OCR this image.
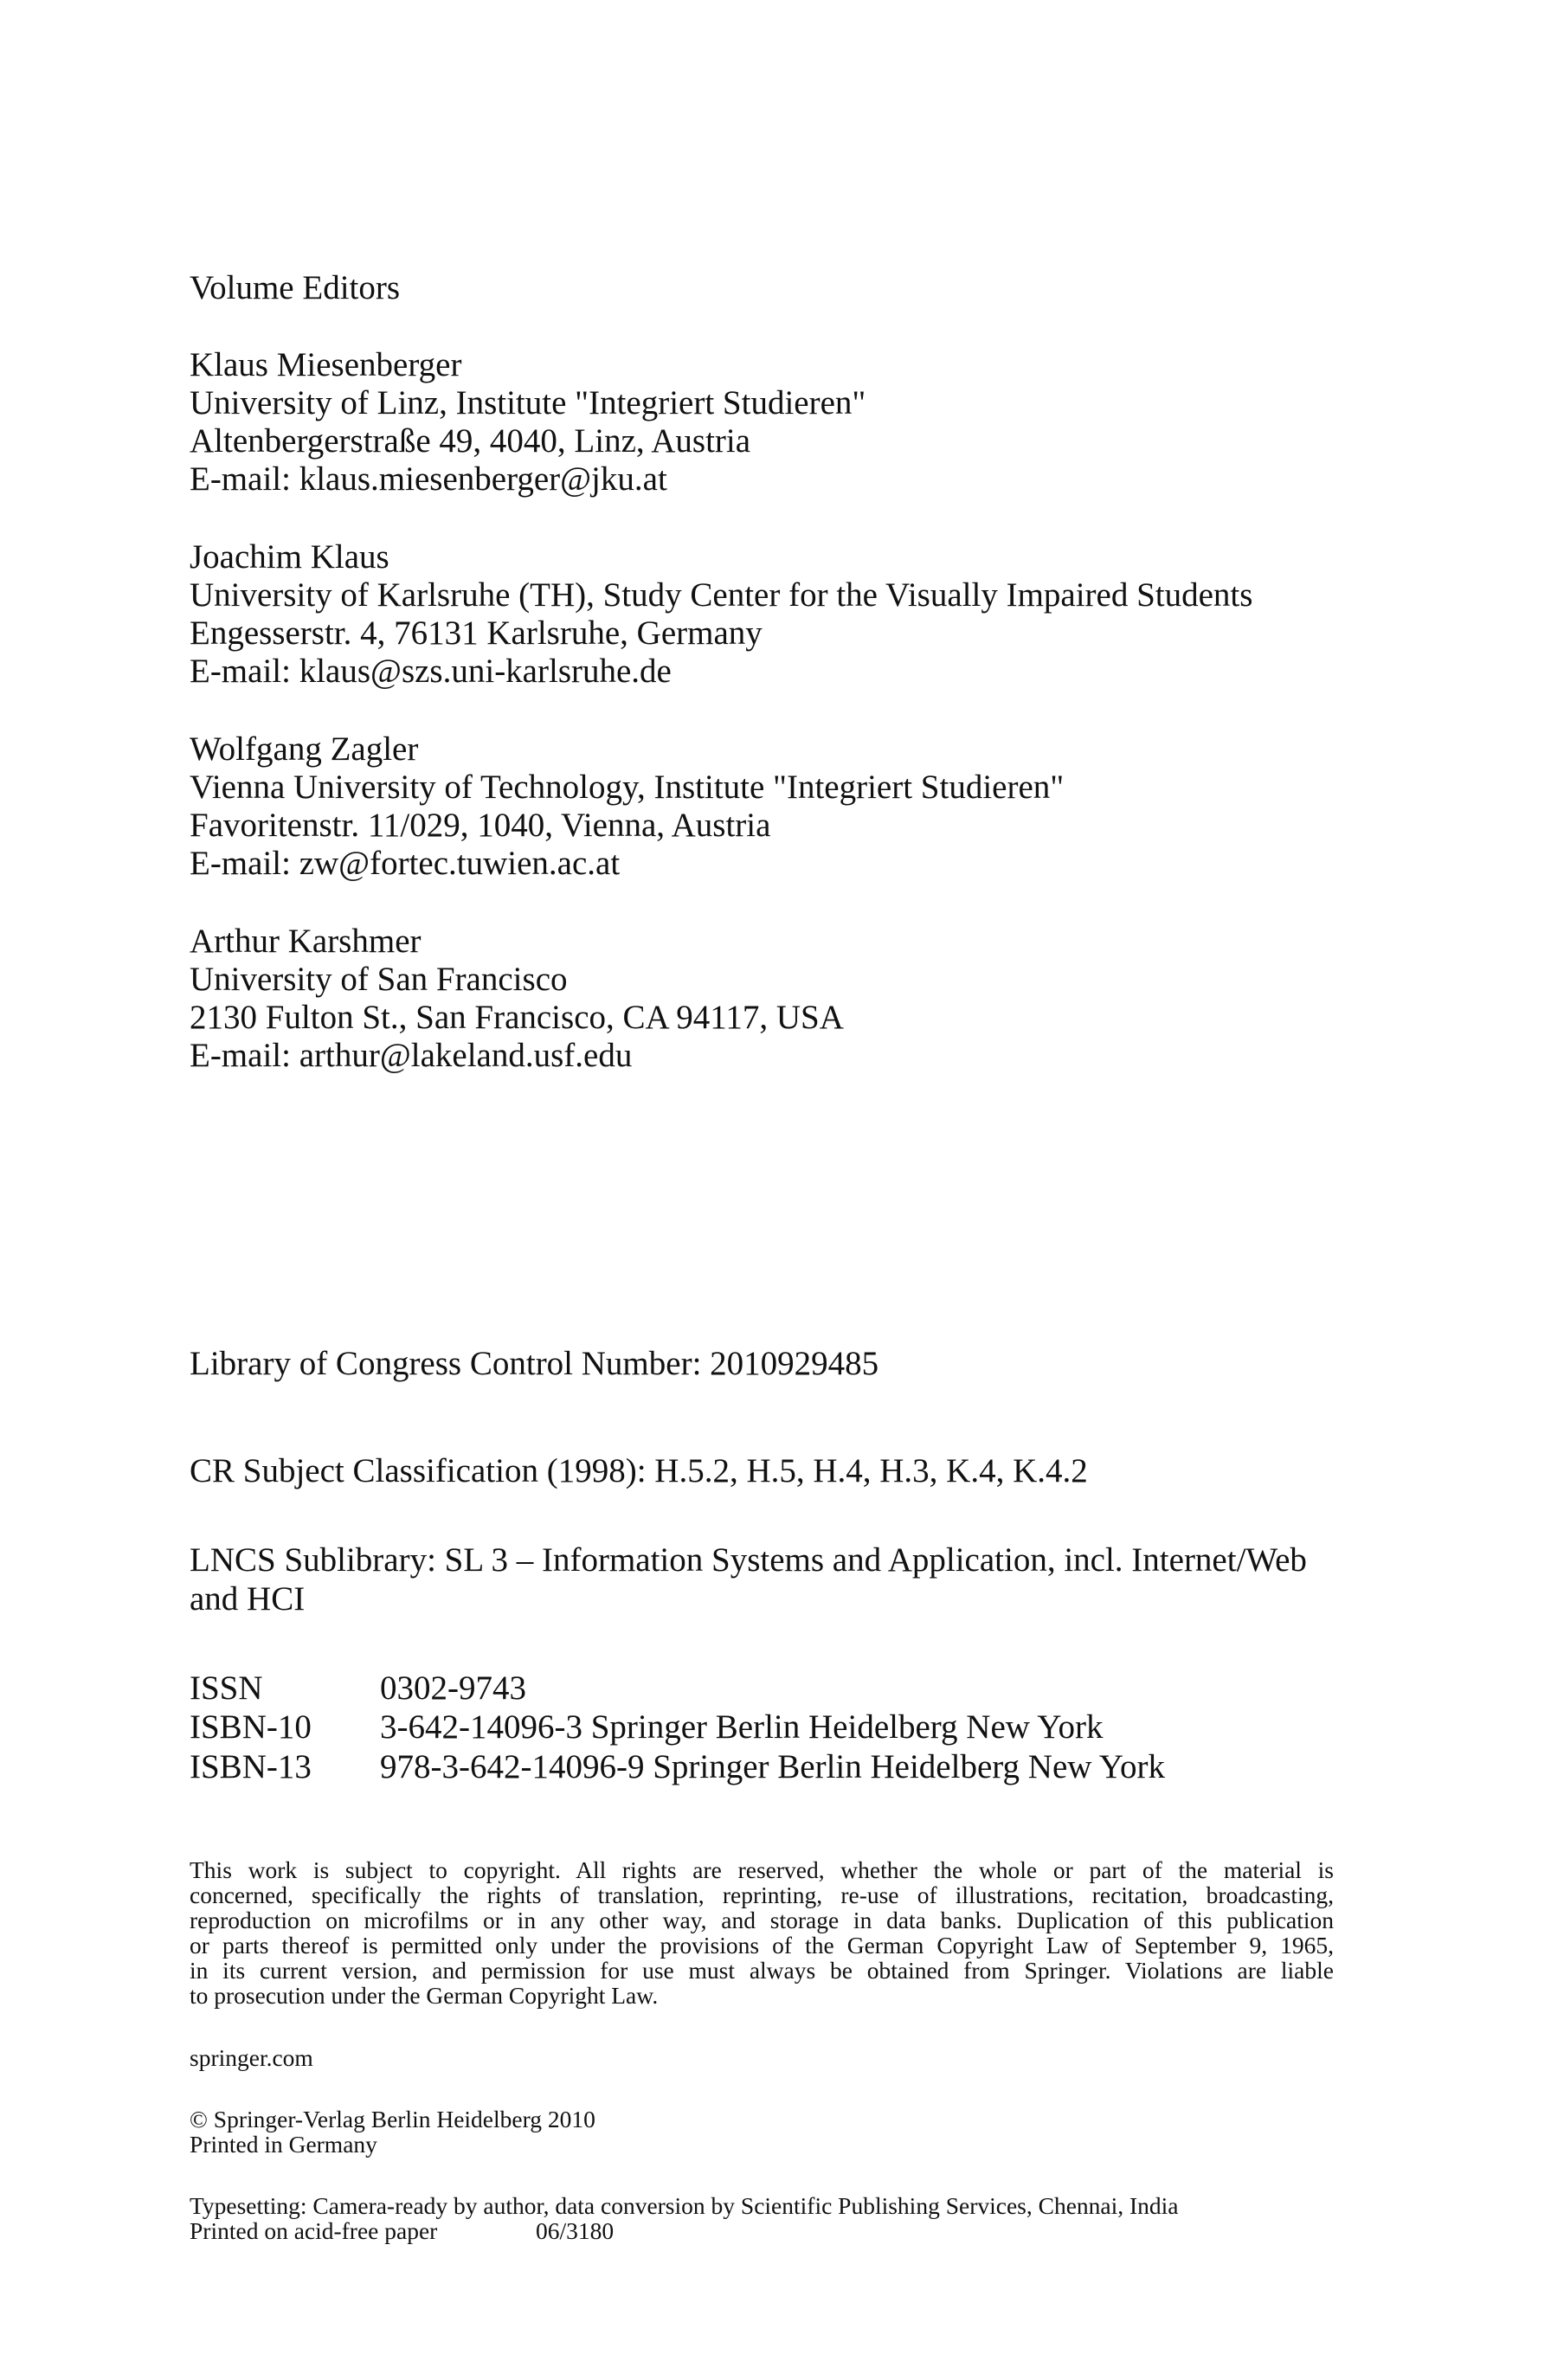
Volume Editors
Klaus Miesenberger
University of Linz, Institute "Integriert Studieren"
Altenbergerstraße 49, 4040, Linz, Austria
E-mail: klaus.miesenberger@jku.at
Joachim Klaus
University of Karlsruhe (TH), Study Center for the Visually Impaired Students
Engesserstr. 4, 76131 Karlsruhe, Germany
E-mail: klaus@szs.uni-karlsruhe.de
Wolfgang Zagler
Vienna University of Technology, Institute "Integriert Studieren"
Favoritenstr. 11/029, 1040, Vienna, Austria
E-mail: zw@fortec.tuwien.ac.at
Arthur Karshmer
University of San Francisco
2130 Fulton St., San Francisco, CA 94117, USA
E-mail: arthur@lakeland.usf.edu
Library of Congress Control Number: 2010929485
CR Subject Classification (1998): H.5.2, H.5, H.4, H.3, K.4, K.4.2
LNCS Sublibrary: SL 3 – Information Systems and Application, incl. Internet/Web
and HCI
ISSN	0302-9743
ISBN-10 3-642-14096-3 Springer Berlin Heidelberg New York
ISBN-13 978-3-642-14096-9 Springer Berlin Heidelberg New York
This work is subject to copyright. All rights are reserved, whether the whole or part of the material is
concerned, specifically the rights of translation, reprinting, re-use of illustrations, recitation, broadcasting,
reproduction on microfilms or in any other way, and storage in data banks. Duplication of this publication
or parts thereof is permitted only under the provisions of the German Copyright Law of September 9, 1965,
in its current version, and permission for use must always be obtained from Springer. Violations are liable
to prosecution under the German Copyright Law.
springer.com
© Springer-Verlag Berlin Heidelberg 2010
Printed in Germany
Typesetting: Camera-ready by author, data conversion by Scientific Publishing Services, Chennai, India
Printed on acid-free paper	06/3180
